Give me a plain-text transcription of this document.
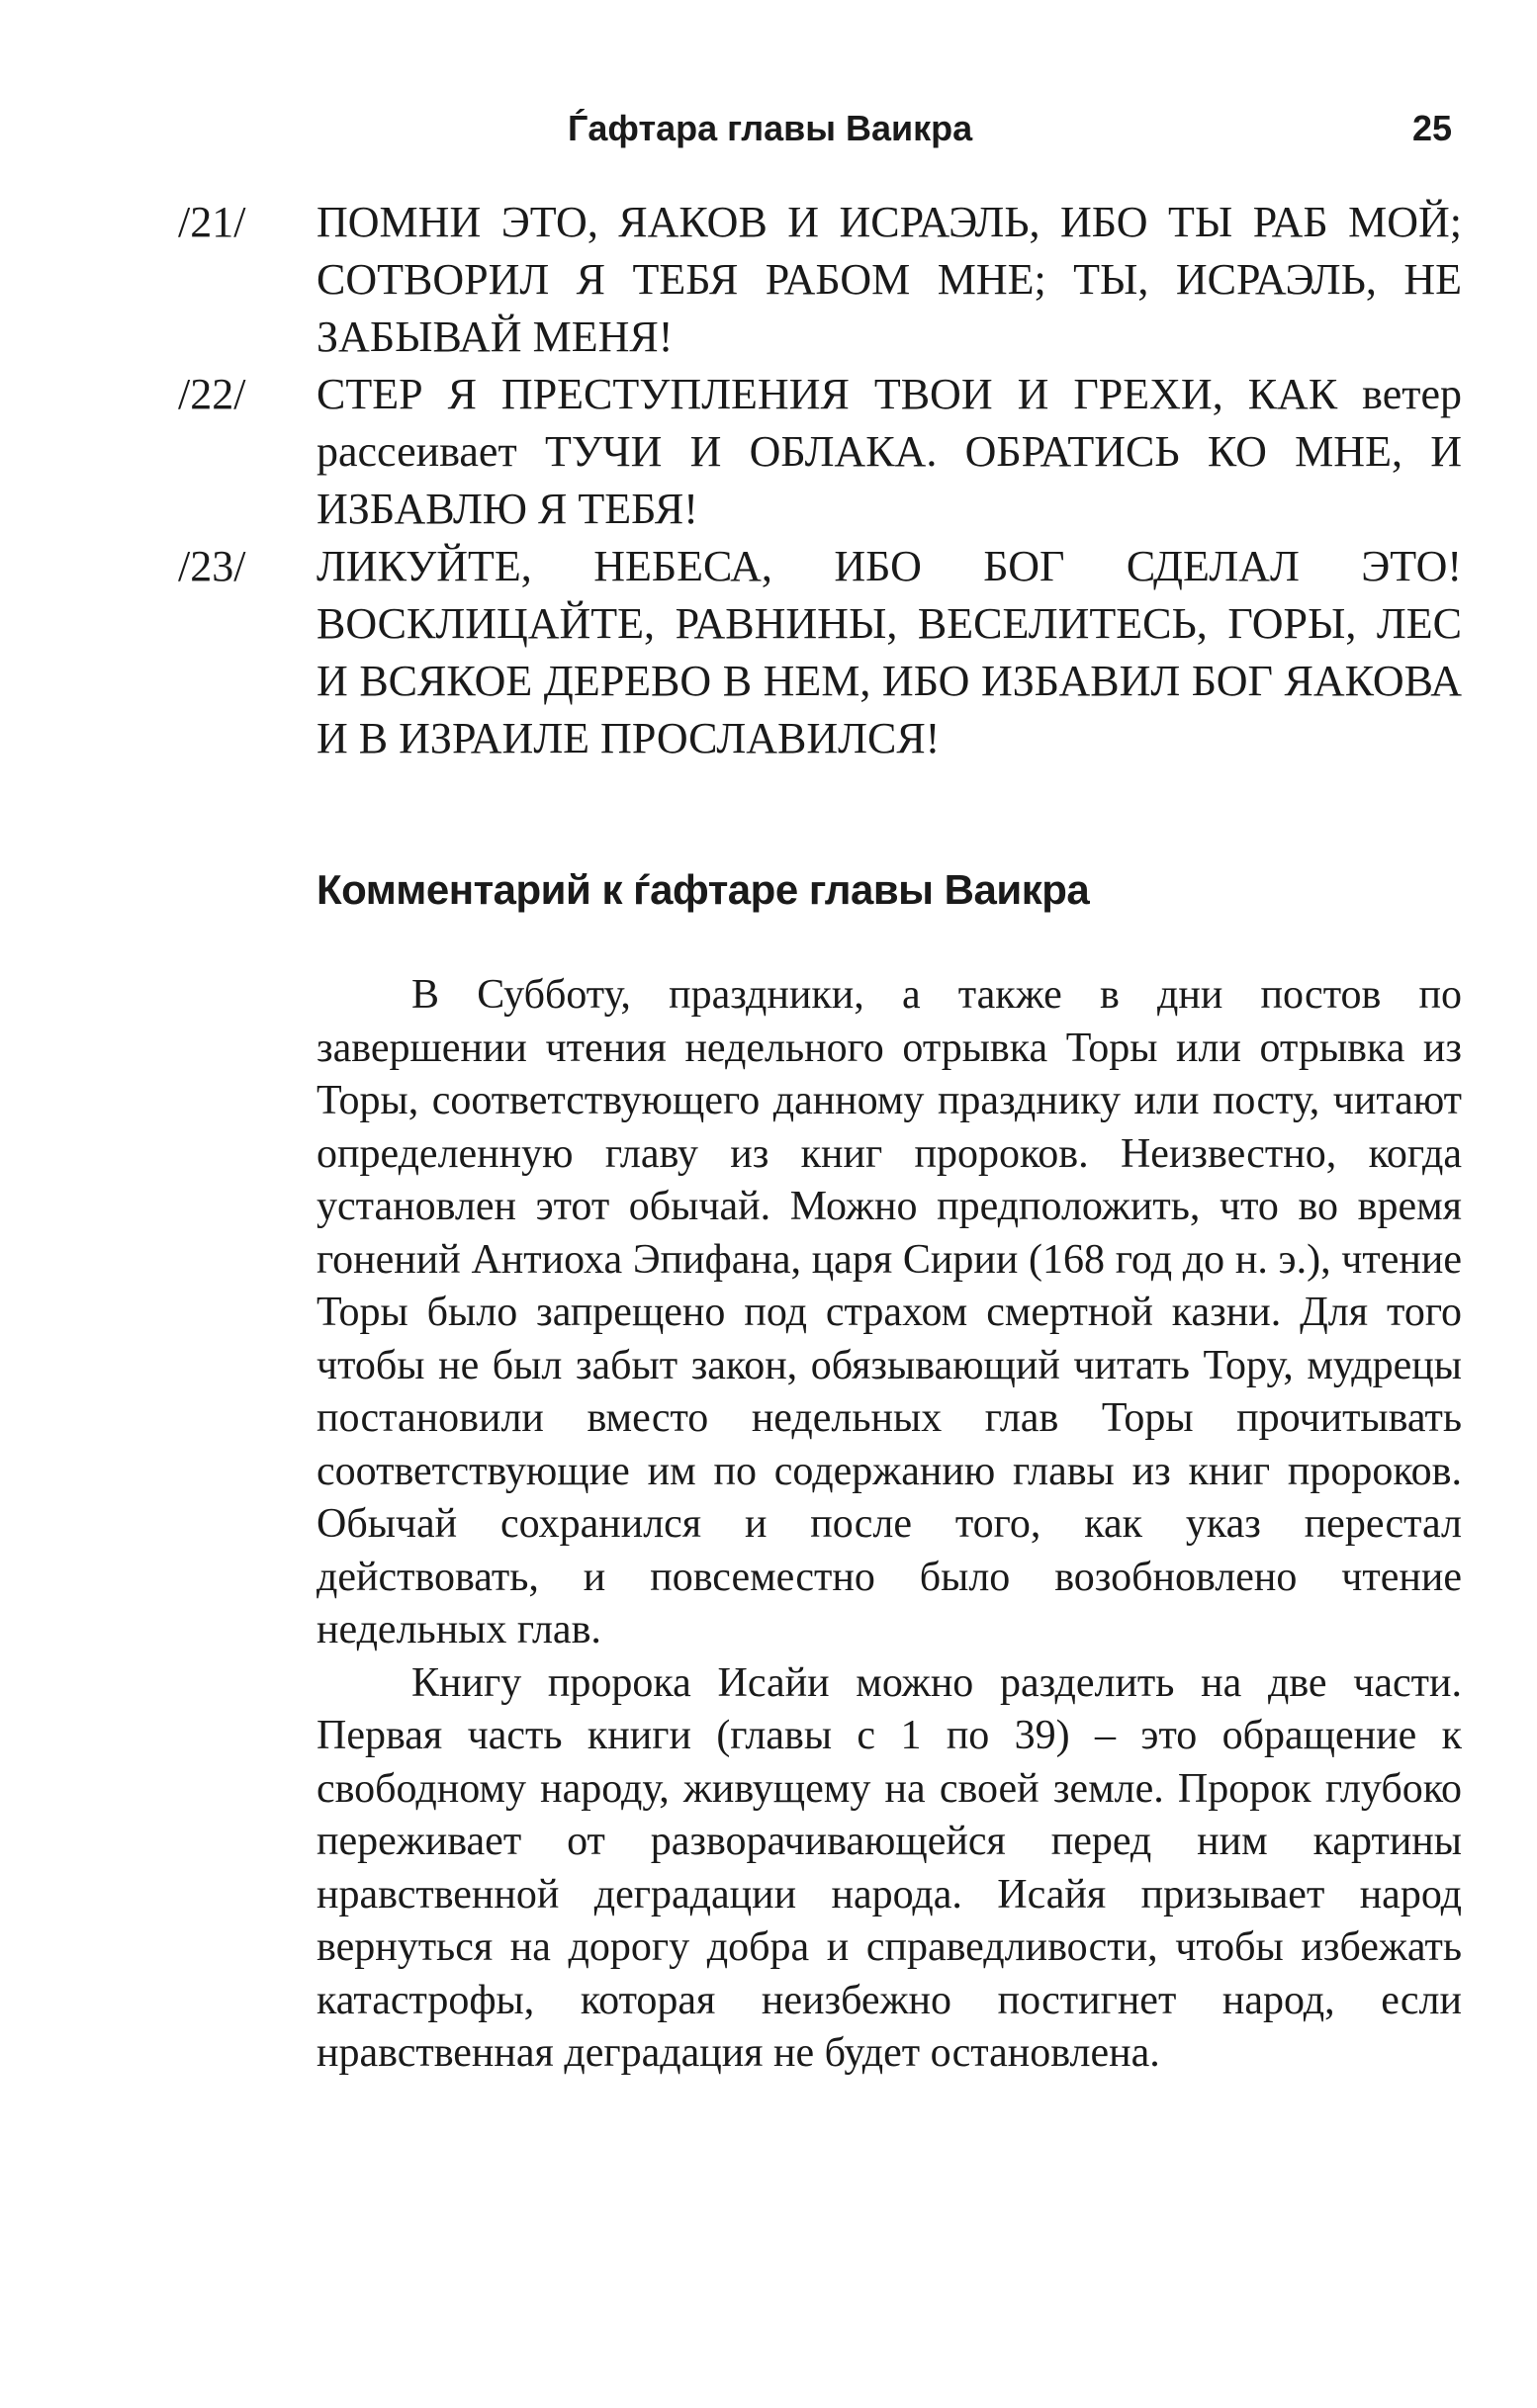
Ѓафтара главы Ваикра	25
/21/ ПОМНИ ЭТО, ЯАКОВ И ИСРАЭЛЬ, ИБО ТЫ РАБ МОЙ; СОТВОРИЛ Я ТЕБЯ РАБОМ МНЕ; ТЫ, ИСРАЭЛЬ, НЕ ЗАБЫВАЙ МЕНЯ!
/22/ СТЕР Я ПРЕСТУПЛЕНИЯ ТВОИ И ГРЕХИ, КАК ветер рассеивает ТУЧИ И ОБЛАКА. ОБРАТИСЬ КО МНЕ, И ИЗБАВЛЮ Я ТЕБЯ!
/23/ ЛИКУЙТЕ, НЕБЕСА, ИБО БОГ СДЕЛАЛ ЭТО! ВОСКЛИЦАЙТЕ, РАВНИНЫ, ВЕСЕЛИТЕСЬ, ГОРЫ, ЛЕС И ВСЯКОЕ ДЕРЕВО В НЕМ, ИБО ИЗБАВИЛ БОГ ЯАКОВА И В ИЗРАИЛЕ ПРОСЛАВИЛСЯ!
Комментарий к ѓафтаре главы Ваикра

В Субботу, праздники, а также в дни постов по завершении чтения недельного отрывка Торы или отрывка из Торы, соответствующего данному празднику или посту, читают определенную главу из книг пророков. Неизвестно, когда установлен этот обычай. Можно предположить, что во время гонений Антиоха Эпифана, царя Сирии (168 год до н. э.), чтение Торы было запрещено под страхом смертной казни. Для того чтобы не был забыт закон, обязывающий читать Тору, мудрецы постановили вместо недельных глав Торы прочитывать соответствующие им по содержанию главы из книг пророков. Обычай сохранился и после того, как указ перестал действовать, и повсеместно было возобновлено чтение недельных глав.

Книгу пророка Исайи можно разделить на две части. Первая часть книги (главы с 1 по 39) – это обращение к свободному народу, живущему на своей земле. Пророк глубоко переживает от разворачивающейся перед ним картины нравственной деградации народа. Исайя призывает народ вернуться на дорогу добра и справедливости, чтобы избежать катастрофы, которая неизбежно постигнет народ, если нравственная деградация не будет остановлена.
